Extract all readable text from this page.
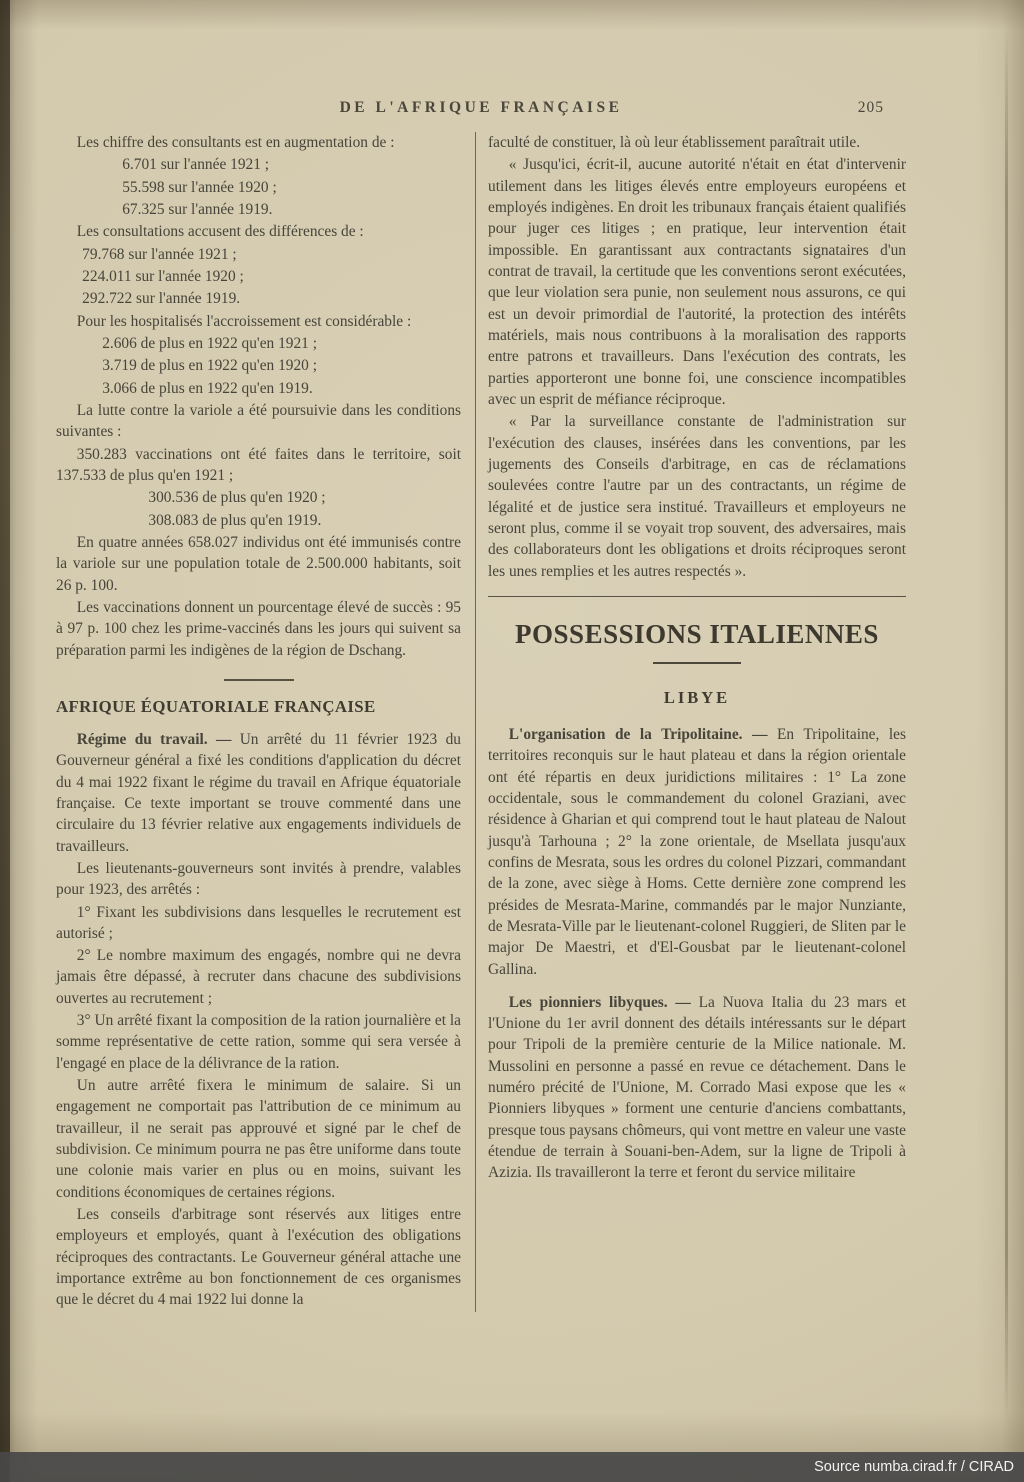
DE L'AFRIQUE FRANÇAISE	205

Les chiffre des consultants est en augmentation de :

6.701 sur l'année 1921 ;

55.598 sur l'année 1920 ;

67.325 sur l'année 1919.

Les consultations accusent des différences de :

79.768 sur l'année 1921 ;

224.011 sur l'année 1920 ;

292.722 sur l'année 1919.

Pour les hospitalisés l'accroissement est considérable :

2.606 de plus en 1922 qu'en 1921 ;

3.719 de plus en 1922 qu'en 1920 ;

3.066 de plus en 1922 qu'en 1919.

La lutte contre la variole a été poursuivie dans les conditions suivantes :

350.283 vaccinations ont été faites dans le territoire, soit 137.533 de plus qu'en 1921 ;

300.536 de plus qu'en 1920 ;

308.083 de plus qu'en 1919.

En quatre années 658.027 individus ont été immunisés contre la variole sur une population totale de 2.500.000 habitants, soit 26 p. 100.

Les vaccinations donnent un pourcentage élevé de succès : 95 à 97 p. 100 chez les prime-vaccinés dans les jours qui suivent sa préparation parmi les indigènes de la région de Dschang.

AFRIQUE ÉQUATORIALE FRANÇAISE

Régime du travail. — Un arrêté du 11 février 1923 du Gouverneur général a fixé les conditions d'application du décret du 4 mai 1922 fixant le régime du travail en Afrique équatoriale française. Ce texte important se trouve commenté dans une circulaire du 13 février relative aux engagements individuels de travailleurs.

Les lieutenants-gouverneurs sont invités à prendre, valables pour 1923, des arrêtés :

1° Fixant les subdivisions dans lesquelles le recrutement est autorisé ;

2° Le nombre maximum des engagés, nombre qui ne devra jamais être dépassé, à recruter dans chacune des subdivisions ouvertes au recrutement ;

3° Un arrêté fixant la composition de la ration journalière et la somme représentative de cette ration, somme qui sera versée à l'engagé en place de la délivrance de la ration.

Un autre arrêté fixera le minimum de salaire. Si un engagement ne comportait pas l'attribution de ce minimum au travailleur, il ne serait pas approuvé et signé par le chef de subdivision. Ce minimum pourra ne pas être uniforme dans toute une colonie mais varier en plus ou en moins, suivant les conditions économiques de certaines régions.

Les conseils d'arbitrage sont réservés aux litiges entre employeurs et employés, quant à l'exécution des obligations réciproques des contractants. Le Gouverneur général attache une importance extrême au bon fonctionnement de ces organismes que le décret du 4 mai 1922 lui donne la

faculté de constituer, là où leur établissement paraîtrait utile.

« Jusqu'ici, écrit-il, aucune autorité n'était en état d'intervenir utilement dans les litiges élevés entre employeurs européens et employés indigènes. En droit les tribunaux français étaient qualifiés pour juger ces litiges ; en pratique, leur intervention était impossible. En garantissant aux contractants signataires d'un contrat de travail, la certitude que les conventions seront exécutées, que leur violation sera punie, non seulement nous assurons, ce qui est un devoir primordial de l'autorité, la protection des intérêts matériels, mais nous contribuons à la moralisation des rapports entre patrons et travailleurs. Dans l'exécution des contrats, les parties apporteront une bonne foi, une conscience incompatibles avec un esprit de méfiance réciproque.

« Par la surveillance constante de l'administration sur l'exécution des clauses, insérées dans les conventions, par les jugements des Conseils d'arbitrage, en cas de réclamations soulevées contre l'autre par un des contractants, un régime de légalité et de justice sera institué. Travailleurs et employeurs ne seront plus, comme il se voyait trop souvent, des adversaires, mais des collaborateurs dont les obligations et droits réciproques seront les unes remplies et les autres respectés ».

POSSESSIONS ITALIENNES
LIBYE

L'organisation de la Tripolitaine. — En Tripolitaine, les territoires reconquis sur le haut plateau et dans la région orientale ont été répartis en deux juridictions militaires : 1° La zone occidentale, sous le commandement du colonel Graziani, avec résidence à Gharian et qui comprend tout le haut plateau de Nalout jusqu'à Tarhouna ; 2° la zone orientale, de Msellata jusqu'aux confins de Mesrata, sous les ordres du colonel Pizzari, commandant de la zone, avec siège à Homs. Cette dernière zone comprend les présides de Mesrata-Marine, commandés par le major Nunziante, de Mesrata-Ville par le lieutenant-colonel Ruggieri, de Sliten par le major De Maestri, et d'El-Gousbat par le lieutenant-colonel Gallina.

Les pionniers libyques. — La Nuova Italia du 23 mars et l'Unione du 1er avril donnent des détails intéressants sur le départ pour Tripoli de la première centurie de la Milice nationale. M. Mussolini en personne a passé en revue ce détachement. Dans le numéro précité de l'Unione, M. Corrado Masi expose que les « Pionniers libyques » forment une centurie d'anciens combattants, presque tous paysans chômeurs, qui vont mettre en valeur une vaste étendue de terrain à Souani-ben-Adem, sur la ligne de Tripoli à Azizia. Ils travailleront la terre et feront du service militaire

Source numba.cirad.fr / CIRAD
